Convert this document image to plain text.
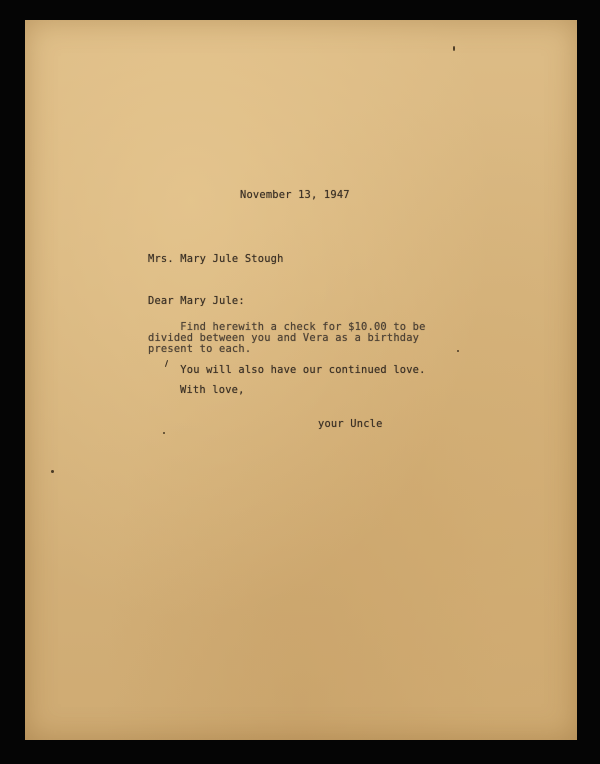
November 13, 1947
Mrs. Mary Jule Stough
Dear Mary Jule:
Find herewith a check for $10.00 to be
divided between you and Vera as a birthday
present to each.
You will also have our continued love.
With love,
your Uncle
